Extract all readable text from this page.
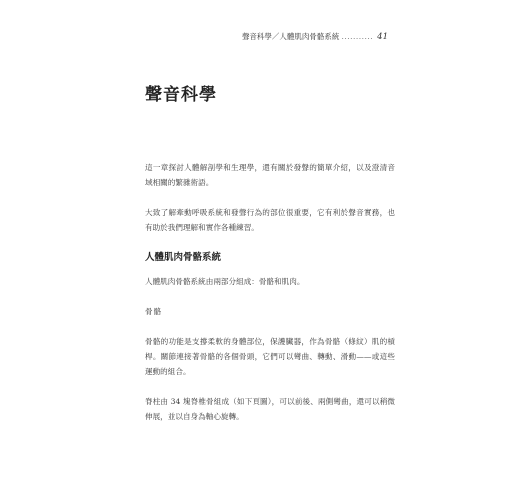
聲音科學／人體肌肉骨骼系統 ........... 41
聲音科學

這一章探討人體解剖學和生理學，還有關於發聲的簡單介紹，以及澄清音域相關的繁雜術語。

大致了解牽動呼吸系統和發聲行為的部位很重要，它有利於聲音實務，也有助於我們理解和實作各種練習。

人體肌肉骨骼系統

人體肌肉骨骼系統由兩部分組成：骨骼和肌肉。

骨骼

骨骼的功能是支撐柔軟的身體部位，保護臟器，作為骨骼（條紋）肌的槓桿。關節連接著骨骼的各個骨頭，它們可以彎曲、轉動、滑動——或這些運動的組合。

脊柱由 34 塊脊椎骨組成（如下頁圖），可以前後、兩側彎曲，還可以稍微伸展，並以自身為軸心旋轉。
